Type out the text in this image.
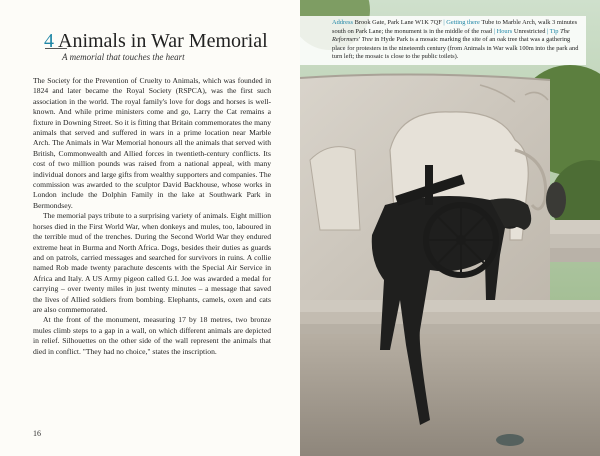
4 Animals in War Memorial
A memorial that touches the heart

The Society for the Prevention of Cruelty to Animals, which was founded in 1824 and later became the Royal Society (RSPCA), was the first such association in the world. The royal family's love for dogs and horses is well-known. And while prime ministers come and go, Larry the Cat remains a fixture in Downing Street. So it is fitting that Britain commemorates the many animals that served and suffered in wars in a prime location near Marble Arch. The Animals in War Memorial honours all the animals that served with British, Commonwealth and Allied forces in twentieth-century conflicts. Its cost of two million pounds was raised from a national appeal, with many individual donors and large gifts from wealthy supporters and companies. The commission was awarded to the sculptor David Backhouse, whose works in London include the Dolphin Family in the lake at Southwark Park in Bermondsey.

The memorial pays tribute to a surprising variety of animals. Eight million horses died in the First World War, when donkeys and mules, too, laboured in the terrible mud of the trenches. During the Second World War they endured extreme heat in Burma and North Africa. Dogs, besides their duties as guards and on patrols, carried messages and searched for survivors in ruins. A collie named Rob made twenty parachute descents with the Special Air Service in Africa and Italy. A US Army pigeon called G.I. Joe was awarded a medal for carrying – over twenty miles in just twenty minutes – a message that saved the lives of Allied soldiers from bombing. Elephants, camels, oxen and cats are also commemorated.

At the front of the monument, measuring 17 by 18 metres, two bronze mules climb steps to a gap in a wall, on which different animals are depicted in relief. Silhouettes on the other side of the wall represent the animals that died in conflict. "They had no choice," states the inscription.

16
Address Brook Gate, Park Lane W1K 7QF | Getting there Tube to Marble Arch, walk 3 minutes south on Park Lane; the monument is in the middle of the road | Hours Unrestricted | Tip The Reformers' Tree in Hyde Park is a mosaic marking the site of an oak tree that was a gathering place for protesters in the nineteenth century (from Animals in War walk 100m into the park and turn left; the mosaic is close to the public toilets).
